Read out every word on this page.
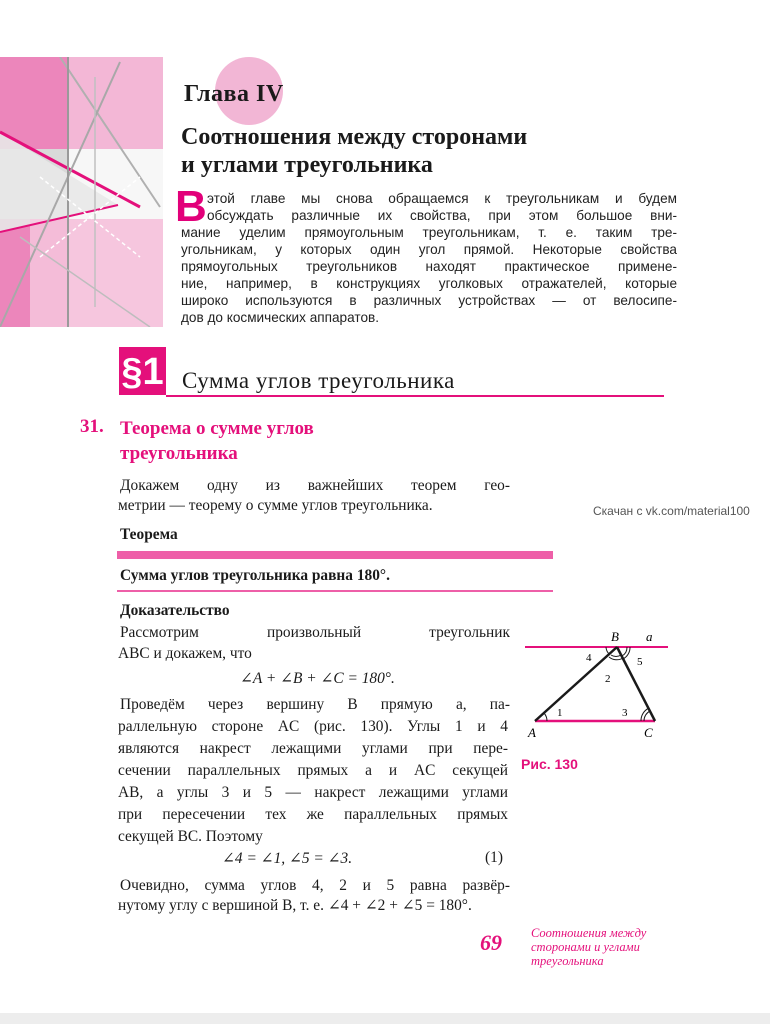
Глава IV
Соотношения между сторонами
и углами треугольника
В этой главе мы снова обращаемся к треугольникам и будем
обсуждать различные их свойства, при этом большое вни-
мание уделим прямоугольным треугольникам, т. е. таким тре-
угольникам, у которых один угол прямой. Некоторые свойства
прямоугольных треугольников находят практическое примене-
ние, например, в конструкциях уголковых отражателей, которые
широко используются в различных устройствах — от велосипе-
дов до космических аппаратов.
§1 Сумма углов треугольника
31. Теорема о сумме углов
треугольника
Докажем одну из важнейших теорем гео-
метрии — теорему о сумме углов треугольника.	Скачан с vk.com/material100
Теорема
Сумма углов треугольника равна 180°.
Доказательство
Рассмотрим произвольный треугольник
ABC и докажем, что
∠A + ∠B + ∠C = 180°.
Проведём через вершину B прямую a, па-
раллельную стороне AC (рис. 130). Углы 1 и 4
являются накрест лежащими углами при пере-
сечении параллельных прямых a и AC секущей
AB, а углы 3 и 5 — накрест лежащими углами
при пересечении тех же параллельных прямых
секущей BC. Поэтому
∠4 = ∠1, ∠5 = ∠3.	(1)
Очевидно, сумма углов 4, 2 и 5 равна развёр-
нутому углу с вершиной B, т. е. ∠4 + ∠2 + ∠5 = 180°.
B a
A	C
1
2
3
4	5
Рис. 130
69 Соотношения между сторонами и углами треугольника
